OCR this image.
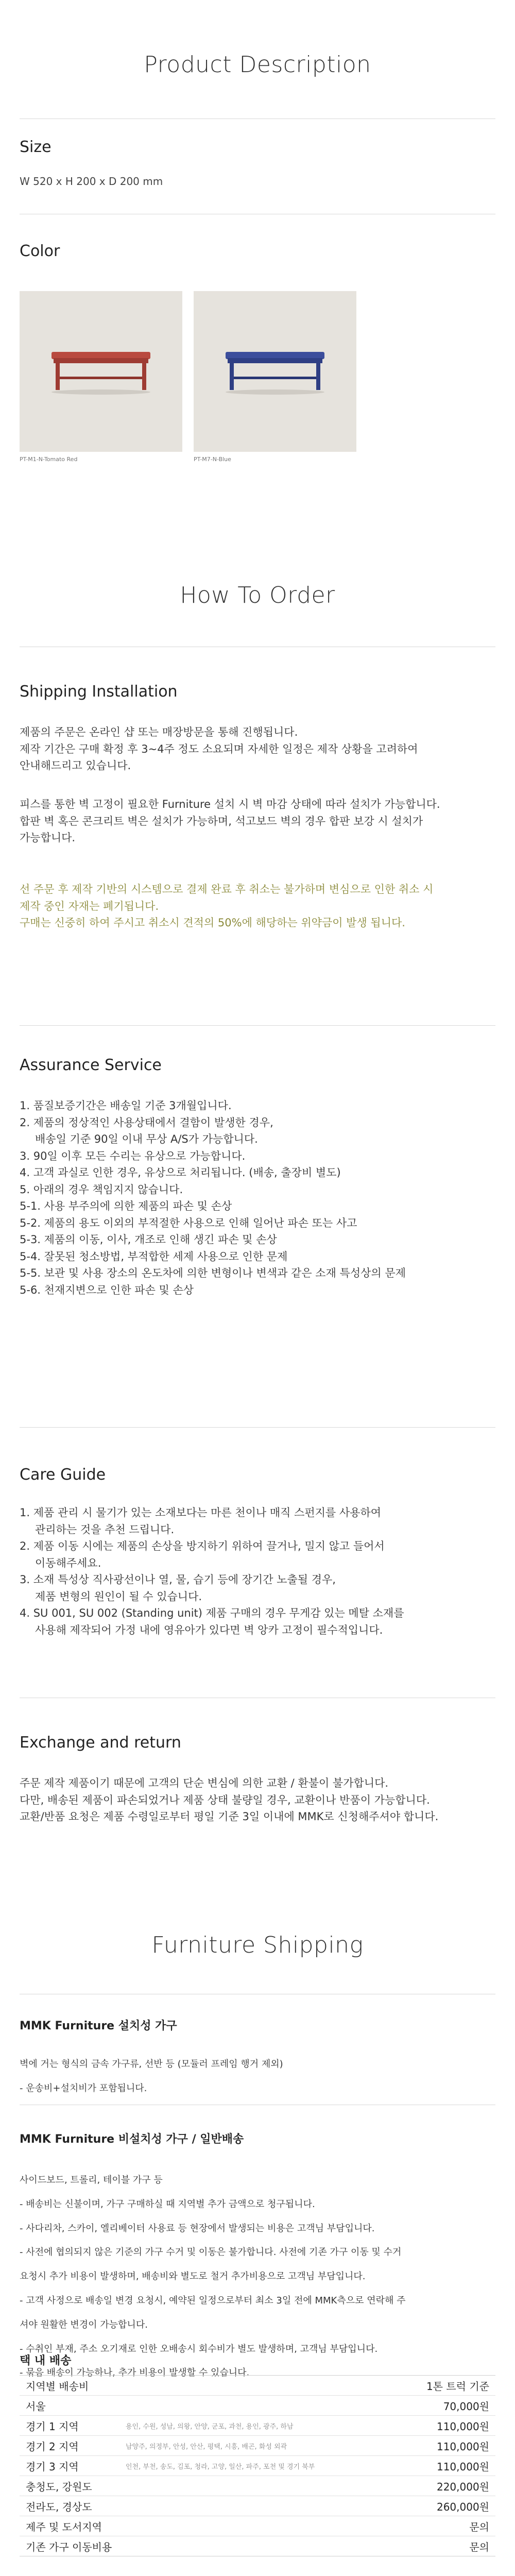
Product Description
Size
W 520 x H 200 x D 200 mm
Color
PT-M1-N-Tomato Red	PT-M7-N-Blue
How To Order
Shipping Installation

제품의 주문은 온라인 샵 또는 매장방문을 통해 진행됩니다.

제작 기간은 구매 확정 후 3~4주 정도 소요되며 자세한 일정은 제작 상황을 고려하여

안내해드리고 있습니다.

피스를 통한 벽 고정이 필요한 Furniture 설치 시 벽 마감 상태에 따라 설치가 가능합니다.

합판 벽 혹은 콘크리트 벽은 설치가 가능하며, 석고보드 벽의 경우 합판 보강 시 설치가

가능합니다.

선 주문 후 제작 기반의 시스템으로 결제 완료 후 취소는 불가하며 변심으로 인한 취소 시

제작 중인 자재는 폐기됩니다.

구매는 신중히 하여 주시고 취소시 견적의 50%에 해당하는 위약금이 발생 됩니다.

Assurance Service
1. 품질보증기간은 배송일 기준 3개월입니다.
2. 제품의 정상적인 사용상태에서 결함이 발생한 경우,
배송일 기준 90일 이내 무상 A/S가 가능합니다.
3. 90일 이후 모든 수리는 유상으로 가능합니다.
4. 고객 과실로 인한 경우, 유상으로 처리됩니다. (배송, 출장비 별도)
5. 아래의 경우 책임지지 않습니다.
5-1. 사용 부주의에 의한 제품의 파손 및 손상
5-2. 제품의 용도 이외의 부적절한 사용으로 인해 일어난 파손 또는 사고
5-3. 제품의 이동, 이사, 개조로 인해 생긴 파손 및 손상
5-4. 잘못된 청소방법, 부적합한 세제 사용으로 인한 문제
5-5. 보관 및 사용 장소의 온도차에 의한 변형이나 변색과 같은 소재 특성상의 문제
5-6. 천재지변으로 인한 파손 및 손상
Care Guide
1. 제품 관리 시 물기가 있는 소재보다는 마른 천이나 매직 스펀지를 사용하여
관리하는 것을 추천 드립니다.
2. 제품 이동 시에는 제품의 손상을 방지하기 위하여 끌거나, 밀지 않고 들어서
이동해주세요.
3. 소재 특성상 직사광선이나 열, 물, 습기 등에 장기간 노출될 경우,
제품 변형의 원인이 될 수 있습니다.
4. SU 001, SU 002 (Standing unit) 제품 구매의 경우 무게감 있는 메탈 소재를
사용해 제작되어 가정 내에 영유아가 있다면 벽 앙카 고정이 필수적입니다.
Exchange and return

주문 제작 제품이기 때문에 고객의 단순 변심에 의한 교환 / 환불이 불가합니다.

다만, 배송된 제품이 파손되었거나 제품 상태 불량일 경우, 교환이나 반품이 가능합니다.

교환/반품 요청은 제품 수령일로부터 평일 기준 3일 이내에 MMK로 신청해주셔야 합니다.

Furniture Shipping
MMK Furniture 설치성 가구

벽에 거는 형식의 금속 가구류, 선반 등 (모듈러 프레임 행거 제외)

- 운송비+설치비가 포함됩니다.

MMK Furniture 비설치성 가구 / 일반배송

사이드보드, 트롤리, 테이블 가구 등

- 배송비는 신불이며, 가구 구매하실 때 지역별 추가 금액으로 청구됩니다.

- 사다리차, 스카이, 엘리베이터 사용료 등 현장에서 발생되는 비용은 고객님 부담입니다.

- 사전에 협의되지 않은 기준의 가구 수거 및 이동은 불가합니다. 사전에 기존 가구 이동 및 수거

요청시 추가 비용이 발생하며, 배송비와 별도로 철거 추가비용으로 고객님 부담입니다.

- 고객 사정으로 배송일 변경 요청시, 예약된 일정으로부터 최소 3일 전에 MMK측으로 연락해 주

셔야 원활한 변경이 가능합니다.

- 수취인 부재, 주소 오기재로 인한 오배송시 회수비가 별도 발생하며, 고객님 부담입니다.

- 묶음 배송이 가능하나, 추가 비용이 발생할 수 있습니다.

택 내 배송
지역별 배송비		1톤 트럭 기준
서울		70,000원
경기 1 지역	용인, 수원, 성남, 의왕, 안양, 군포, 과천, 용인, 광주, 하남	110,000원
경기 2 지역	남양주, 의정부, 안성, 안산, 평택, 시흥, 배곤, 화성 외곽	110,000원
경기 3 지역	인천, 부천, 송도, 김포, 청라, 고양, 일산, 파주, 포천 및 경기 북부	110,000원
충청도, 강원도		220,000원
전라도, 경상도		260,000원
제주 및 도서지역		문의
기존 가구 이동비용		문의
